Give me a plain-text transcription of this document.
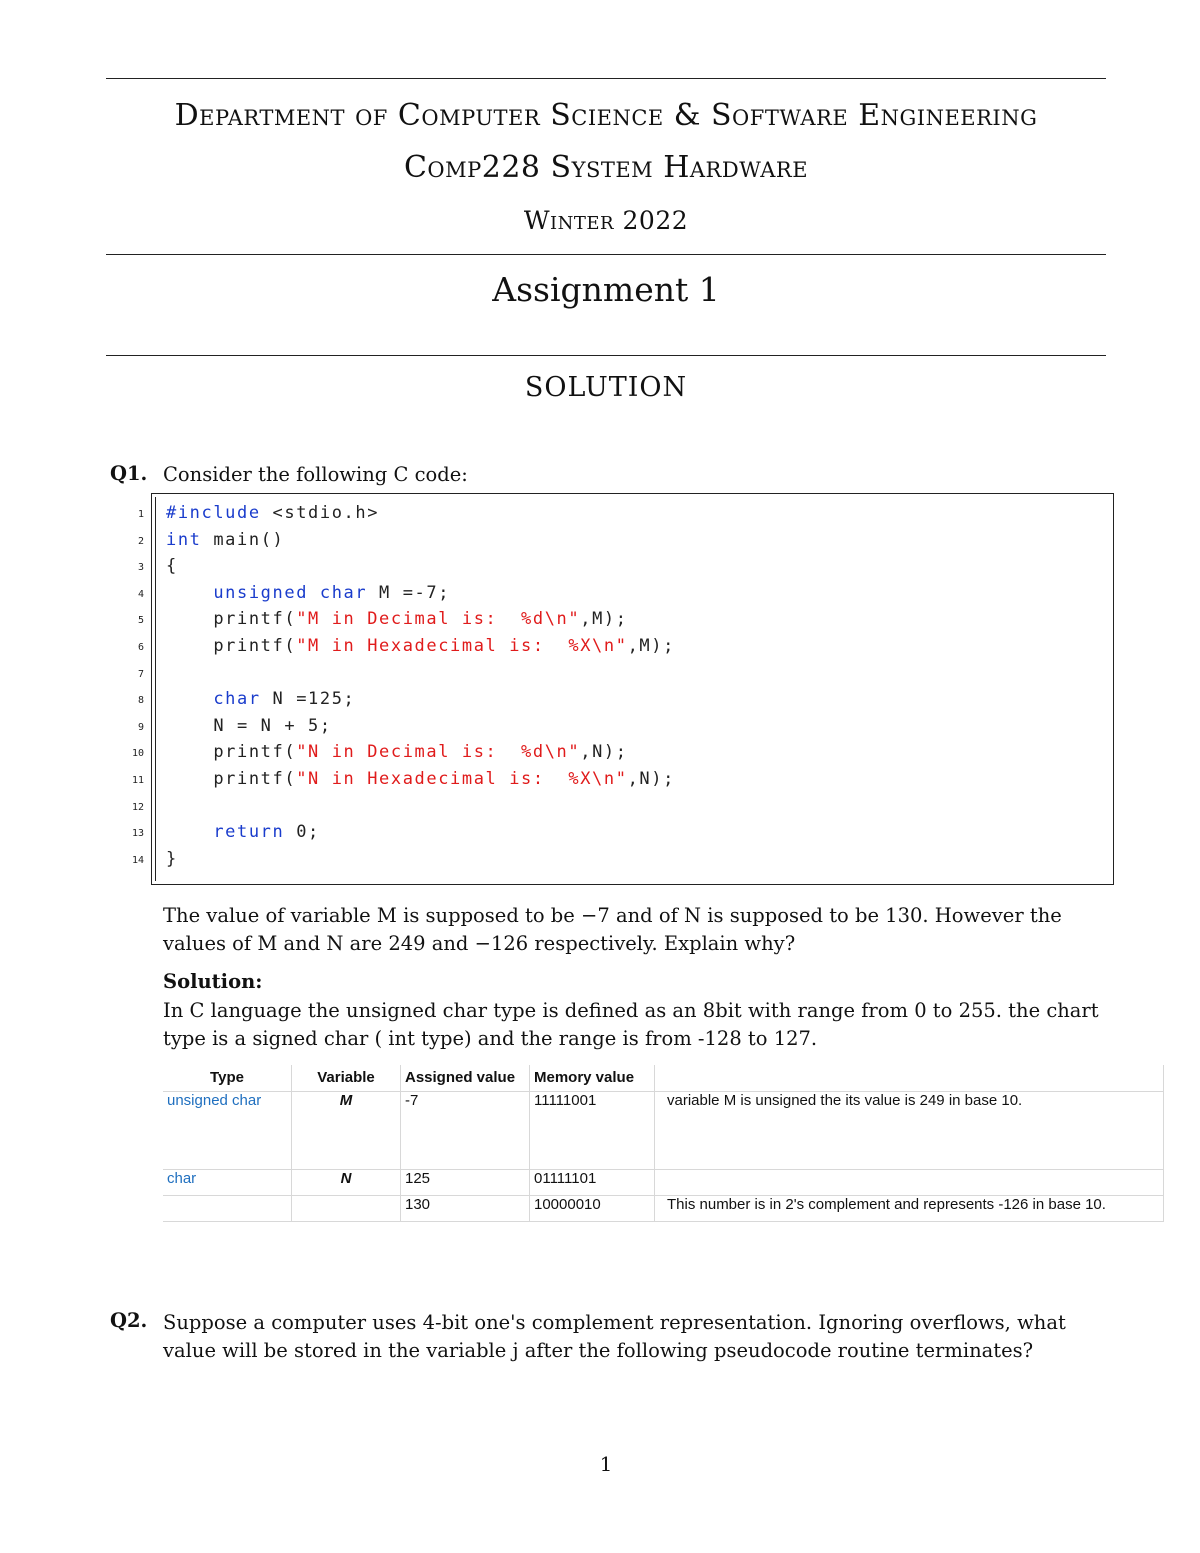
Department of Computer Science & Software Engineering
Comp228 System Hardware
Winter 2022
Assignment 1
SOLUTION
Q1. Consider the following C code:
1 #include <stdio.h>
2 int main()
3 {
4	unsigned char M =-7;
5 printf("M in Decimal is:  %d\n",M);
6 printf("M in Hexadecimal is:  %X\n",M);
7
8	char N =125;
9 N = N + 5;
10 printf("N in Decimal is:  %d\n",N);
11 printf("N in Hexadecimal is:  %X\n",N);
12
13	return 0;
14 }
The value of variable M is supposed to be −7 and of N is supposed to be 130. However the values of M and N are 249 and −126 respectively. Explain why?
Solution:
In C language the unsigned char type is defined as an 8bit with range from 0 to 255. the chart type is a signed char ( int type) and the range is from -128 to 127.
Type	Variable	Assigned value	Memory value	
unsigned char	M	-7	11111001	variable M is unsigned the its value is 249 in base 10.
char	N	125	01111101	
		130	10000010	This number is in 2's complement and represents -126 in base 10.
Q2. Suppose a computer uses 4-bit one's complement representation. Ignoring overflows, what value will be stored in the variable j after the following pseudocode routine terminates?
1
